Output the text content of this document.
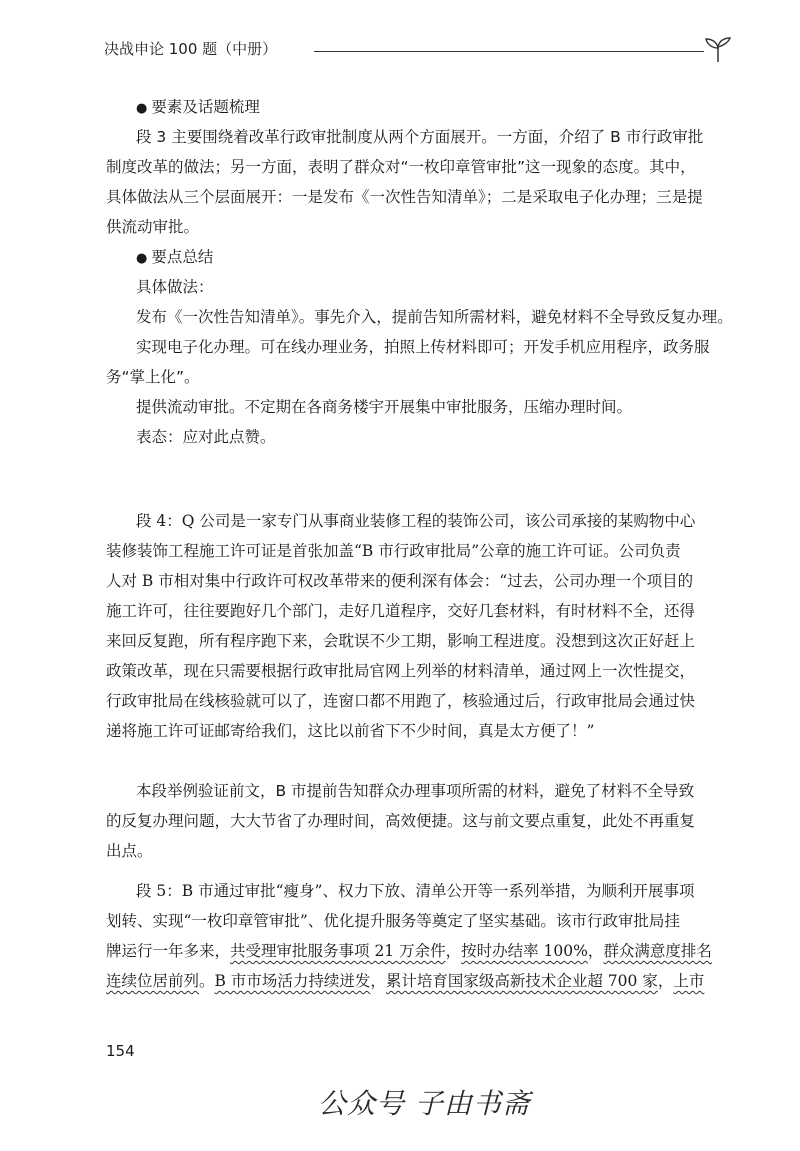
决战申论 100 题（中册）
● 要素及话题梳理
段 3 主要围绕着改革行政审批制度从两个方面展开。一方面，介绍了 B 市行政审批
制度改革的做法；另一方面，表明了群众对“一枚印章管审批”这一现象的态度。其中，
具体做法从三个层面展开：一是发布《一次性告知清单》；二是采取电子化办理；三是提
供流动审批。
● 要点总结
具体做法：
发布《一次性告知清单》。事先介入，提前告知所需材料，避免材料不全导致反复办理。
实现电子化办理。可在线办理业务，拍照上传材料即可；开发手机应用程序，政务服
务“掌上化”。
提供流动审批。不定期在各商务楼宇开展集中审批服务，压缩办理时间。
表态：应对此点赞。
段 4：Q 公司是一家专门从事商业装修工程的装饰公司，该公司承接的某购物中心
装修装饰工程施工许可证是首张加盖“B 市行政审批局”公章的施工许可证。公司负责
人对 B 市相对集中行政许可权改革带来的便利深有体会：“过去，公司办理一个项目的
施工许可，往往要跑好几个部门，走好几道程序，交好几套材料，有时材料不全，还得
来回反复跑，所有程序跑下来，会耽误不少工期，影响工程进度。没想到这次正好赶上
政策改革，现在只需要根据行政审批局官网上列举的材料清单，通过网上一次性提交，
行政审批局在线核验就可以了，连窗口都不用跑了，核验通过后，行政审批局会通过快
递将施工许可证邮寄给我们，这比以前省下不少时间，真是太方便了！”
本段举例验证前文，B 市提前告知群众办理事项所需的材料，避免了材料不全导致
的反复办理问题，大大节省了办理时间，高效便捷。这与前文要点重复，此处不再重复
出点。
段 5：B 市通过审批“瘦身”、权力下放、清单公开等一系列举措，为顺利开展事项
划转、实现“一枚印章管审批”、优化提升服务等奠定了坚实基础。该市行政审批局挂
牌运行一年多来，共受理审批服务事项 21 万余件，按时办结率 100%，群众满意度排名
连续位居前列。B 市市场活力持续迸发，累计培育国家级高新技术企业超 700 家，上市
154
公众号 子由书斋
